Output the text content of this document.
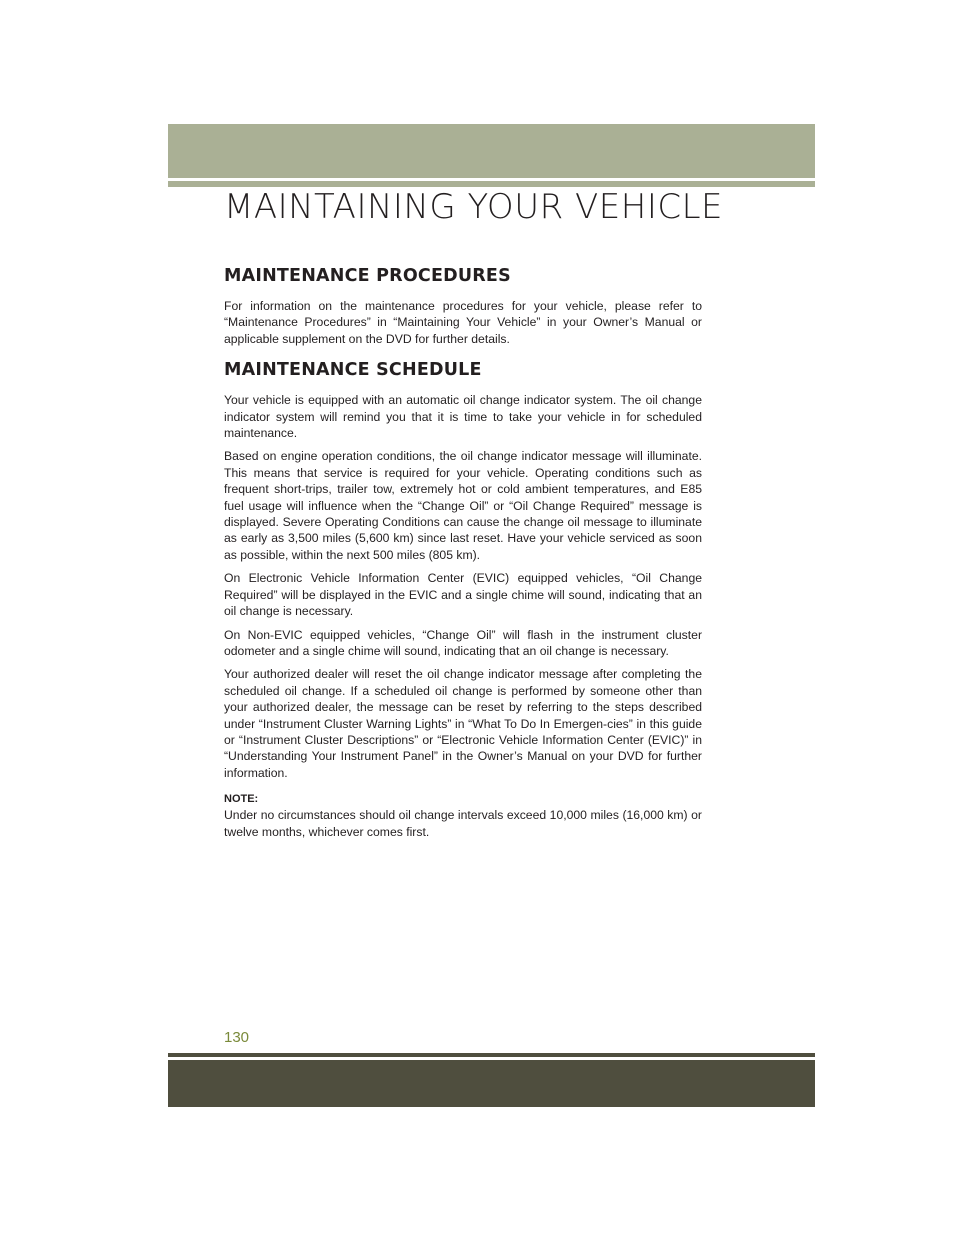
MAINTAINING YOUR VEHICLE
MAINTENANCE PROCEDURES

For information on the maintenance procedures for your vehicle, please refer to “Maintenance Procedures” in “Maintaining Your Vehicle” in your Owner’s Manual or applicable supplement on the DVD for further details.

MAINTENANCE SCHEDULE

Your vehicle is equipped with an automatic oil change indicator system. The oil change indicator system will remind you that it is time to take your vehicle in for scheduled maintenance.

Based on engine operation conditions, the oil change indicator message will illuminate. This means that service is required for your vehicle. Operating conditions such as frequent short-trips, trailer tow, extremely hot or cold ambient temperatures, and E85 fuel usage will influence when the “Change Oil” or “Oil Change Required” message is displayed. Severe Operating Conditions can cause the change oil message to illuminate as early as 3,500 miles (5,600 km) since last reset. Have your vehicle serviced as soon as possible, within the next 500 miles (805 km).

On Electronic Vehicle Information Center (EVIC) equipped vehicles, “Oil Change Required” will be displayed in the EVIC and a single chime will sound, indicating that an oil change is necessary.

On Non-EVIC equipped vehicles, “Change Oil” will flash in the instrument cluster odometer and a single chime will sound, indicating that an oil change is necessary.

Your authorized dealer will reset the oil change indicator message after completing the scheduled oil change. If a scheduled oil change is performed by someone other than your authorized dealer, the message can be reset by referring to the steps described under “Instrument Cluster Warning Lights” in “What To Do In Emergen-cies” in this guide or “Instrument Cluster Descriptions” or “Electronic Vehicle Information Center (EVIC)” in “Understanding Your Instrument Panel” in the Owner’s Manual on your DVD for further information.

NOTE:

Under no circumstances should oil change intervals exceed 10,000 miles (16,000 km) or twelve months, whichever comes first.

130
